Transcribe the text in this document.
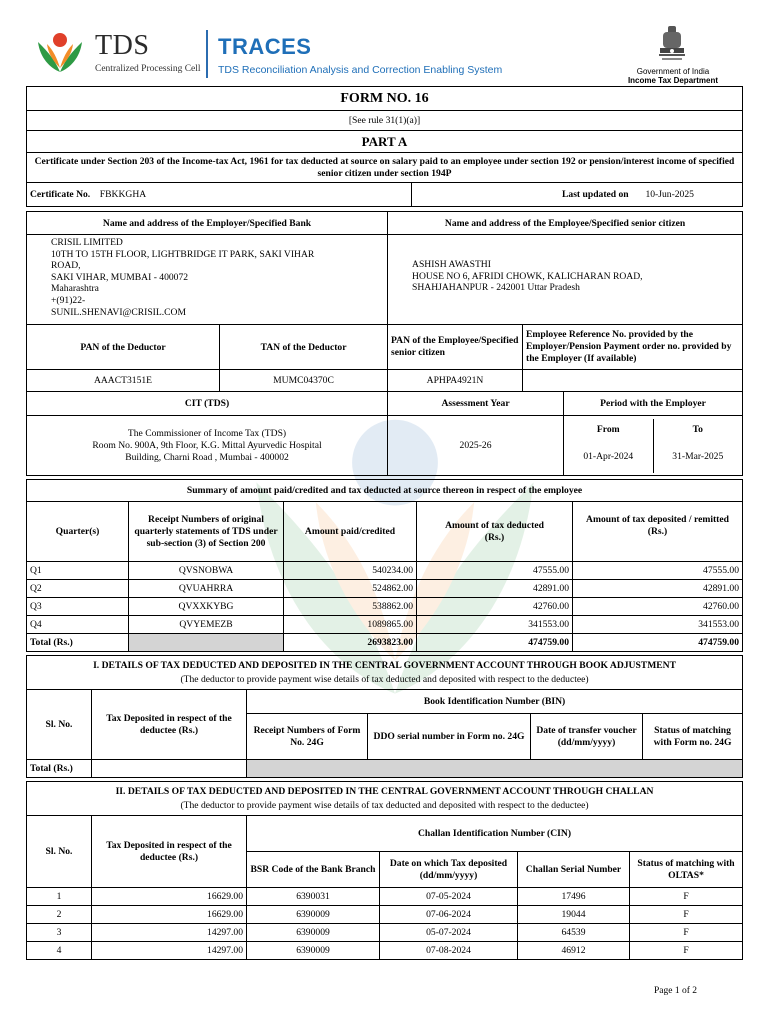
TDS
Centralized Processing Cell
TRACES
TDS Reconciliation Analysis and Correction Enabling System	Government of India
Income Tax Department
FORM NO. 16
[See rule 31(1)(a)]
PART A
Certificate under Section 203 of the Income-tax Act, 1961 for tax deducted at source on salary paid to an employee under section 192 or pension/interest income of specified senior citizen under section 194P
Certificate No. FBKKGHA	Last updated on 10-Jun-2025
Name and address of the Employer/Specified Bank	Name and address of the Employee/Specified senior citizen

CRISIL LIMITED
10TH TO 15TH FLOOR, LIGHTBRIDGE IT PARK, SAKI VIHAR
ROAD,
SAKI VIHAR, MUMBAI - 400072
Maharashtra
+(91)22-
SUNIL.SHENAVI@CRISIL.COM

ASHISH AWASTHI
HOUSE NO 6, AFRIDI CHOWK, KALICHARAN ROAD,
SHAHJAHANPUR - 242001 Uttar Pradesh

PAN of the Deductor	TAN of the Deductor	PAN of the Employee/Specified senior citizen	Employee Reference No. provided by the Employer/Pension Payment order no. provided by the Employer (If available)
AAACT3151E	MUMC04370C	APHPA4921N	
CIT (TDS)	Assessment Year	Period with the Employer

The Commissioner of Income Tax (TDS)
Room No. 900A, 9th Floor, K.G. Mittal Ayurvedic Hospital
Building, Charni Road , Mumbai - 400002
	2025-26	
From	To
01-Apr-2024	31-Mar-2025
Summary of amount paid/credited and tax deducted at source thereon in respect of the employee				
Quarter(s)	Receipt Numbers of original quarterly statements of TDS under sub-section (3) of Section 200	Amount paid/credited	Amount of tax deducted (Rs.)	Amount of tax deposited / remitted (Rs.)
Q1	QVSNOBWA	540234.00	47555.00	47555.00
Q2	QVUAHRRA	524862.00	42891.00	42891.00
Q3	QVXXKYBG	538862.00	42760.00	42760.00
Q4	QVYEMEZB	1089865.00	341553.00	341553.00
Total (Rs.)		2693823.00	474759.00	474759.00
I. DETAILS OF TAX DEDUCTED AND DEPOSITED IN THE CENTRAL GOVERNMENT ACCOUNT THROUGH BOOK ADJUSTMENT
(The deductor to provide payment wise details of tax deducted and deposited with respect to the deductee)					

Sl. No.	Tax Deposited in respect of the deductee (Rs.)	Book Identification Number (BIN)			
		Receipt Numbers of Form No. 24G	DDO serial number in Form no. 24G	Date of transfer voucher (dd/mm/yyyy)	Status of matching with Form no. 24G
Total (Rs.)					
II. DETAILS OF TAX DEDUCTED AND DEPOSITED IN THE CENTRAL GOVERNMENT ACCOUNT THROUGH CHALLAN
(The deductor to provide payment wise details of tax deducted and deposited with respect to the deductee)					

Sl. No.	Tax Deposited in respect of the deductee (Rs.)	Challan Identification Number (CIN)			
		BSR Code of the Bank Branch	Date on which Tax deposited (dd/mm/yyyy)	Challan Serial Number	Status of matching with OLTAS*
1	16629.00	6390031	07-05-2024	17496	F
2	16629.00	6390009	07-06-2024	19044	F
3	14297.00	6390009	05-07-2024	64539	F
4	14297.00	6390009	07-08-2024	46912	F
Page 1 of 2
